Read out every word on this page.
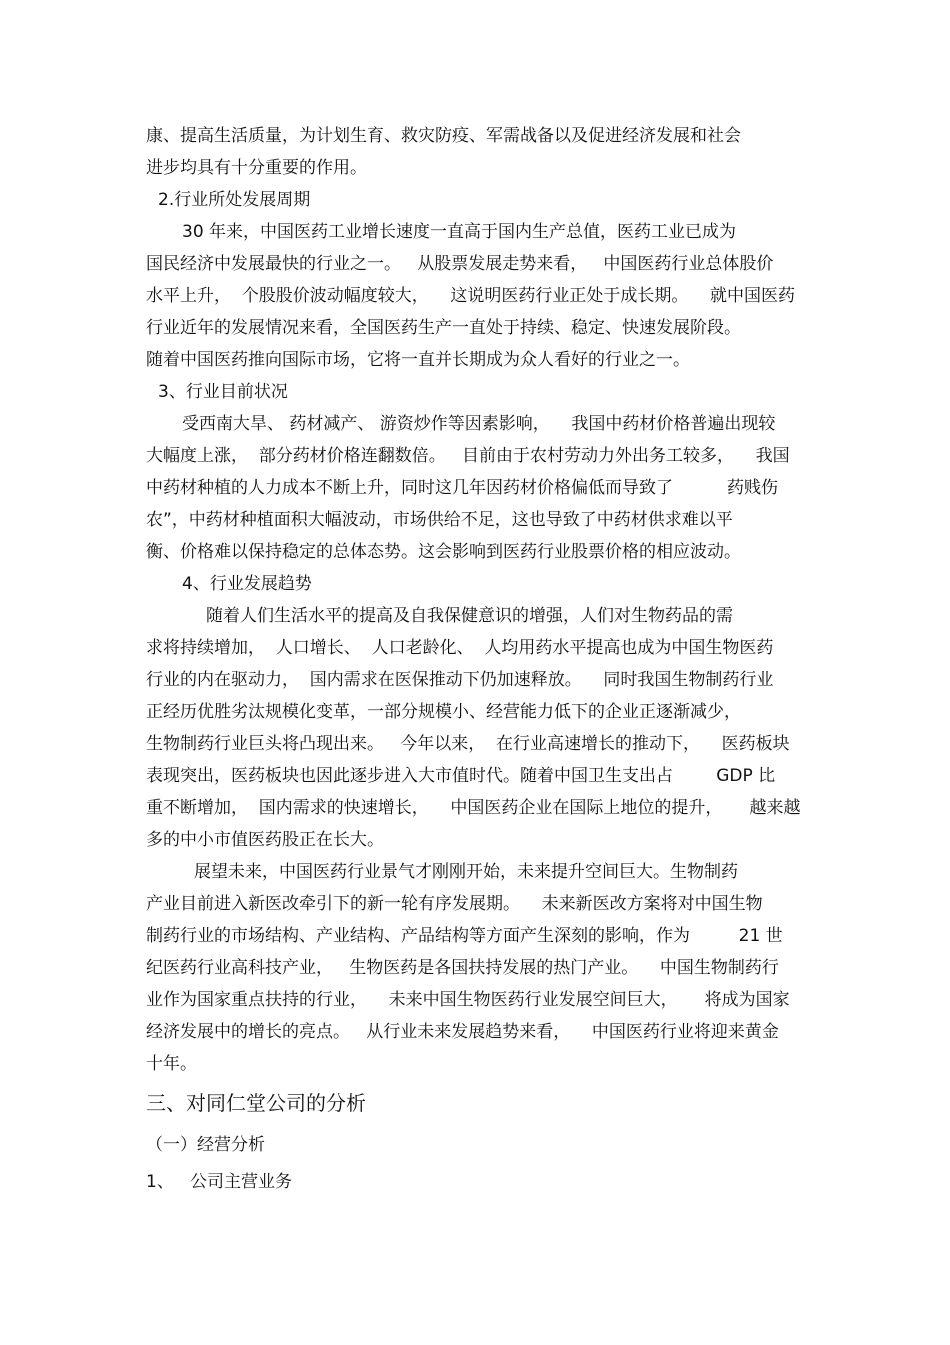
康、提高生活质量，为计划生育、救灾防疫、军需战备以及促进经济发展和社会
进步均具有十分重要的作用。
2.行业所处发展周期
30 年来，中国医药工业增长速度一直高于国内生产总值，医药工业已成为
国民经济中发展最快的行业之一。   从股票发展走势来看，   中国医药行业总体股价
水平上升，  个股股价波动幅度较大，    这说明医药行业正处于成长期。    就中国医药
行业近年的发展情况来看，全国医药生产一直处于持续、稳定、快速发展阶段。
随着中国医药推向国际市场，它将一直并长期成为众人看好的行业之一。
3、行业目前状况
受西南大旱、 药材减产、 游资炒作等因素影响，    我国中药材价格普遍出现较
大幅度上涨，  部分药材价格连翻数倍。   目前由于农村劳动力外出务工较多，    我国
中药材种植的人力成本不断上升，同时这几年因药材价格偏低而导致了          药贱伤
农”，中药材种植面积大幅波动，市场供给不足，这也导致了中药材供求难以平
衡、价格难以保持稳定的总体态势。这会影响到医药行业股票价格的相应波动。
4、行业发展趋势
随着人们生活水平的提高及自我保健意识的增强，人们对生物药品的需
求将持续增加，  人口增长、  人口老龄化、  人均用药水平提高也成为中国生物医药
行业的内在驱动力，  国内需求在医保推动下仍加速释放。    同时我国生物制药行业
正经历优胜劣汰规模化变革，一部分规模小、经营能力低下的企业正逐渐减少，
生物制药行业巨头将凸现出来。   今年以来，  在行业高速增长的推动下，    医药板块
表现突出，医药板块也因此逐步进入大市值时代。随着中国卫生支出占        GDP 比
重不断增加，  国内需求的快速增长，    中国医药企业在国际上地位的提升，     越来越
多的中小市值医药股正在长大。
展望未来，中国医药行业景气才刚刚开始，未来提升空间巨大。生物制药
产业目前进入新医改牵引下的新一轮有序发展期。    未来新医改方案将对中国生物
制药行业的市场结构、产业结构、产品结构等方面产生深刻的影响，作为         21 世
纪医药行业高科技产业，   生物医药是各国扶持发展的热门产业。    中国生物制药行
业作为国家重点扶持的行业，    未来中国生物医药行业发展空间巨大，     将成为国家
经济发展中的增长的亮点。   从行业未来发展趋势来看，    中国医药行业将迎来黄金
十年。
三、对同仁堂公司的分析
（一）经营分析
1、   公司主营业务
